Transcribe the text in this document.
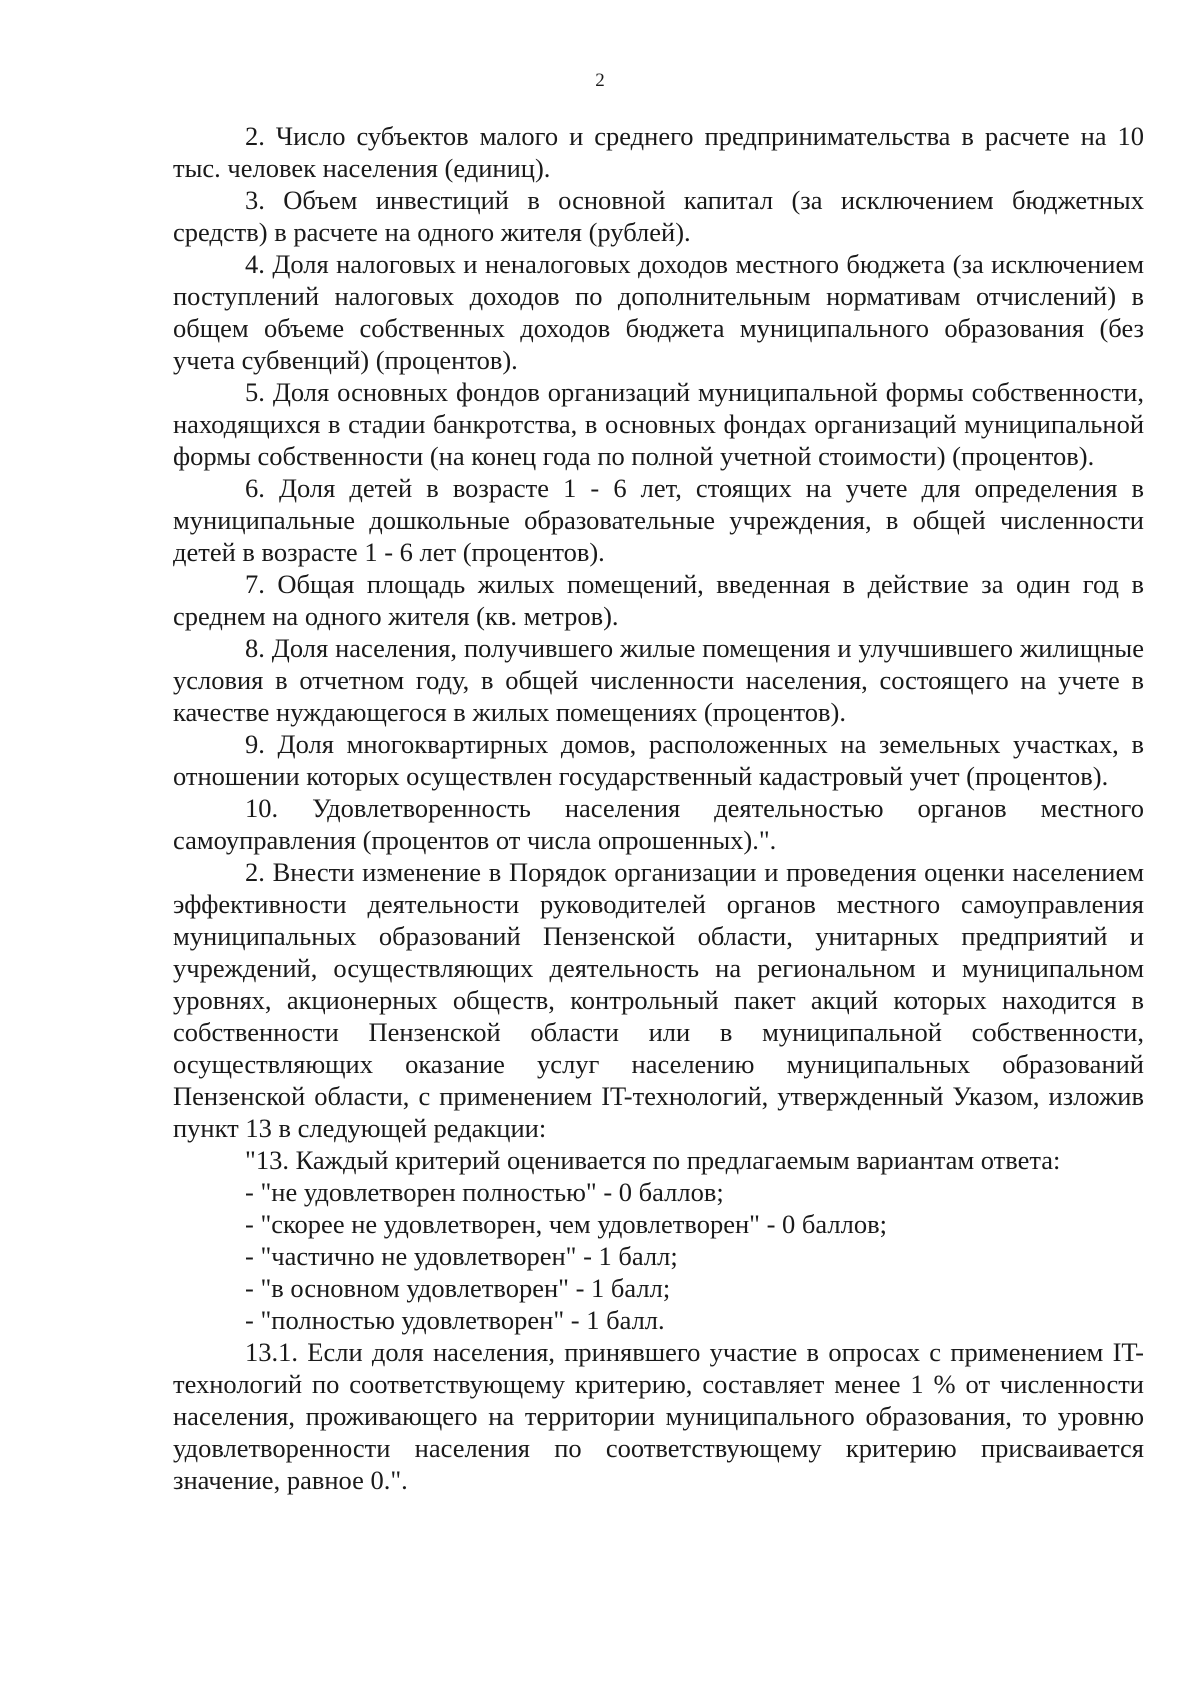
2

2. Число субъектов малого и среднего предпринимательства в расчете на 10 тыс. человек населения (единиц).

3. Объем инвестиций в основной капитал (за исключением бюджетных средств) в расчете на одного жителя (рублей).

4. Доля налоговых и неналоговых доходов местного бюджета (за исключением поступлений налоговых доходов по дополнительным нормативам отчислений) в общем объеме собственных доходов бюджета муниципального образования (без учета субвенций) (процентов).

5. Доля основных фондов организаций муниципальной формы собственности, находящихся в стадии банкротства, в основных фондах организаций муниципальной формы собственности (на конец года по полной учетной стоимости) (процентов).

6. Доля детей в возрасте 1 - 6 лет, стоящих на учете для определения в муниципальные дошкольные образовательные учреждения, в общей численности детей в возрасте 1 - 6 лет (процентов).

7. Общая площадь жилых помещений, введенная в действие за один год в среднем на одного жителя (кв. метров).

8. Доля населения, получившего жилые помещения и улучшившего жилищные условия в отчетном году, в общей численности населения, состоящего на учете в качестве нуждающегося в жилых помещениях (процентов).

9. Доля многоквартирных домов, расположенных на земельных участках, в отношении которых осуществлен государственный кадастровый учет (процентов).

10. Удовлетворенность населения деятельностью органов местного самоуправления (процентов от числа опрошенных).".

2. Внести изменение в Порядок организации и проведения оценки населением эффективности деятельности руководителей органов местного самоуправления муниципальных образований Пензенской области, унитарных предприятий и учреждений, осуществляющих деятельность на региональном и муниципальном уровнях, акционерных обществ, контрольный пакет акций которых находится в собственности Пензенской области или в муниципальной собственности, осуществляющих оказание услуг населению муниципальных образований Пензенской области, с применением IT-технологий, утвержденный Указом, изложив пункт 13 в следующей редакции:

"13. Каждый критерий оценивается по предлагаемым вариантам ответа:

- "не удовлетворен полностью" - 0 баллов;

- "скорее не удовлетворен, чем удовлетворен" - 0 баллов;

- "частично не удовлетворен" - 1 балл;

- "в основном удовлетворен" - 1 балл;

- "полностью удовлетворен" - 1 балл.

13.1. Если доля населения, принявшего участие в опросах с применением IT-технологий по соответствующему критерию, составляет менее 1 % от численности населения, проживающего на территории муниципального образования, то уровню удовлетворенности населения по соответствующему критерию присваивается значение, равное 0.".
